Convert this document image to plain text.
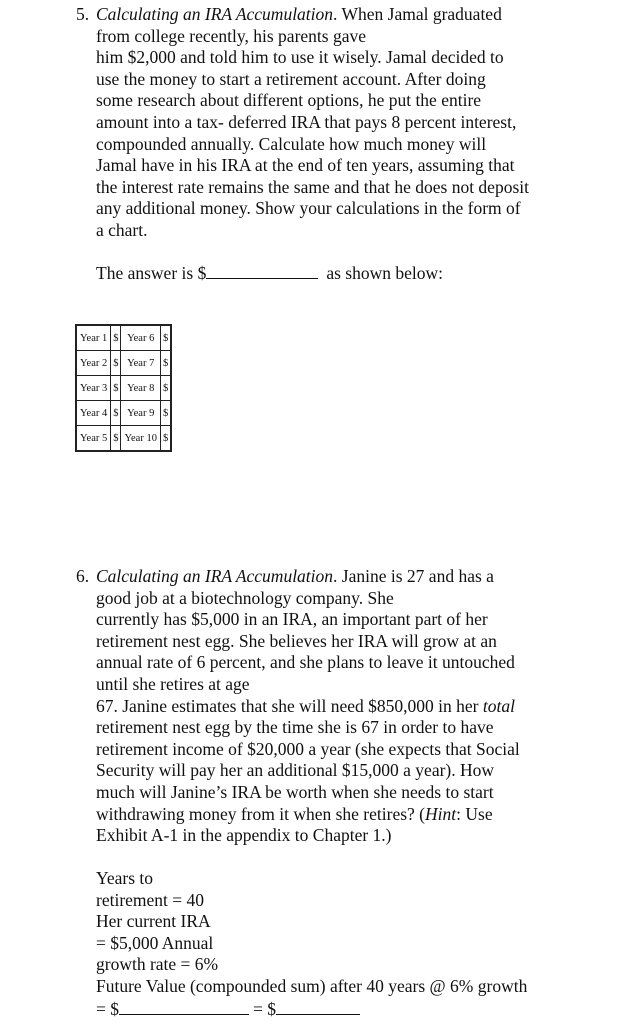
5. Calculating an IRA Accumulation. When Jamal graduated
from college recently, his parents gave
him $2,000 and told him to use it wisely. Jamal decided to
use the money to start a retirement account. After doing
some research about different options, he put the entire
amount into a tax- deferred IRA that pays 8 percent interest,
compounded annually. Calculate how much money will
Jamal have in his IRA at the end of ten years, assuming that
the interest rate remains the same and that he does not deposit
any additional money. Show your calculations in the form of
a chart.
The answer is $	as shown below:
Year 1	$	Year 6	$
Year 2	$	Year 7	$
Year 3	$	Year 8	$
Year 4	$	Year 9	$
Year 5	$	Year 10	$
6. Calculating an IRA Accumulation. Janine is 27 and has a
good job at a biotechnology company. She
currently has $5,000 in an IRA, an important part of her
retirement nest egg. She believes her IRA will grow at an
annual rate of 6 percent, and she plans to leave it untouched
until she retires at age
67. Janine estimates that she will need $850,000 in her total
retirement nest egg by the time she is 67 in order to have
retirement income of $20,000 a year (she expects that Social
Security will pay her an additional $15,000 a year). How
much will Janine’s IRA be worth when she needs to start
withdrawing money from it when she retires? (Hint: Use
Exhibit A-1 in the appendix to Chapter 1.)
Years to
retirement = 40
Her current IRA
= $5,000 Annual
growth rate = 6%
Future Value (compounded sum) after 40 years @ 6% growth
= $	= $
